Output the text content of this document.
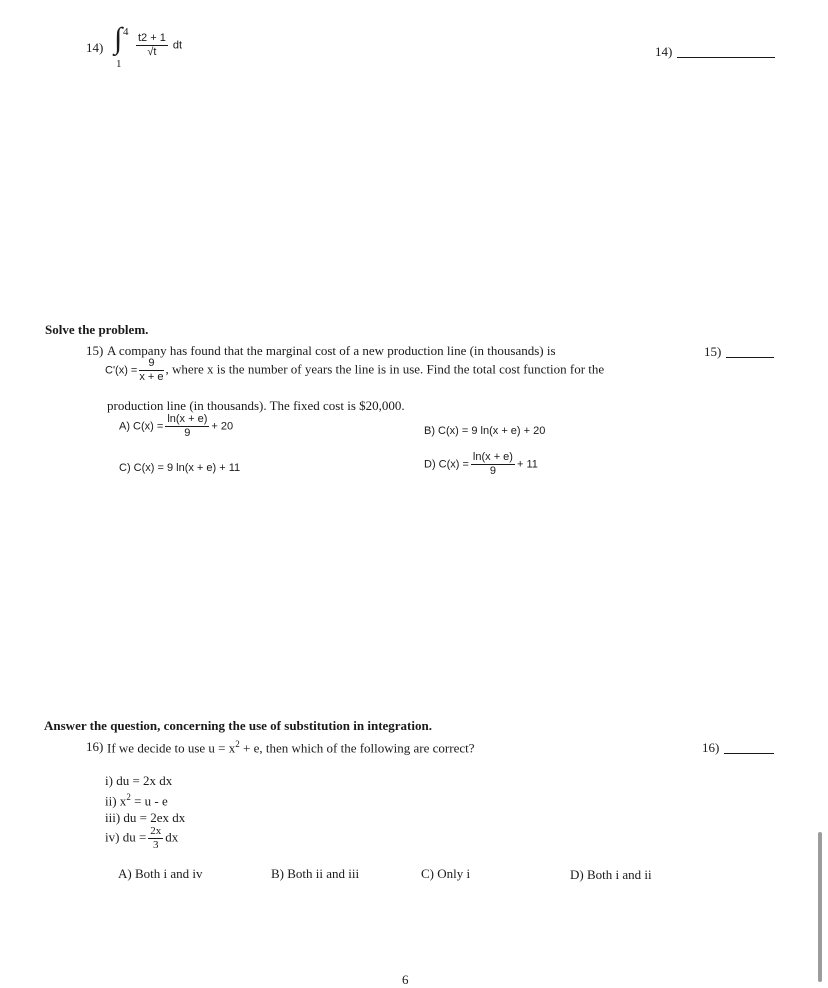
14) ∫ 4
1
$\frac{t2 + 1}{√t}$ dt	14)
Solve the problem.
15) A company has found that the marginal cost of a new production line (in thousands) is	15)
$C'(x) = \frac{9}{x + e}$ , where x is the number of years the line is in use. Find the total cost function for the
production line (in thousands). The fixed cost is $20,000.
A) $C(x) = \frac{\ln(x + e)}{9} + 20$	B) C(x) = 9 ln(x + e) + 20
C) C(x) = 9 ln(x + e) + 11	D) $C(x) = \frac{\ln(x + e)}{9} + 11$
Answer the question, concerning the use of substitution in integration.
16) If we decide to use $u = x^2 + e$, then which of the following are correct?	16)
i) du = 2x dx
ii) $x^2 = u - e$
iii) du = 2ex dx
iv) du = $\frac{2x}{3}$ dx
A) Both i and iv	B) Both ii and iii	C) Only i	D) Both i and ii
6
